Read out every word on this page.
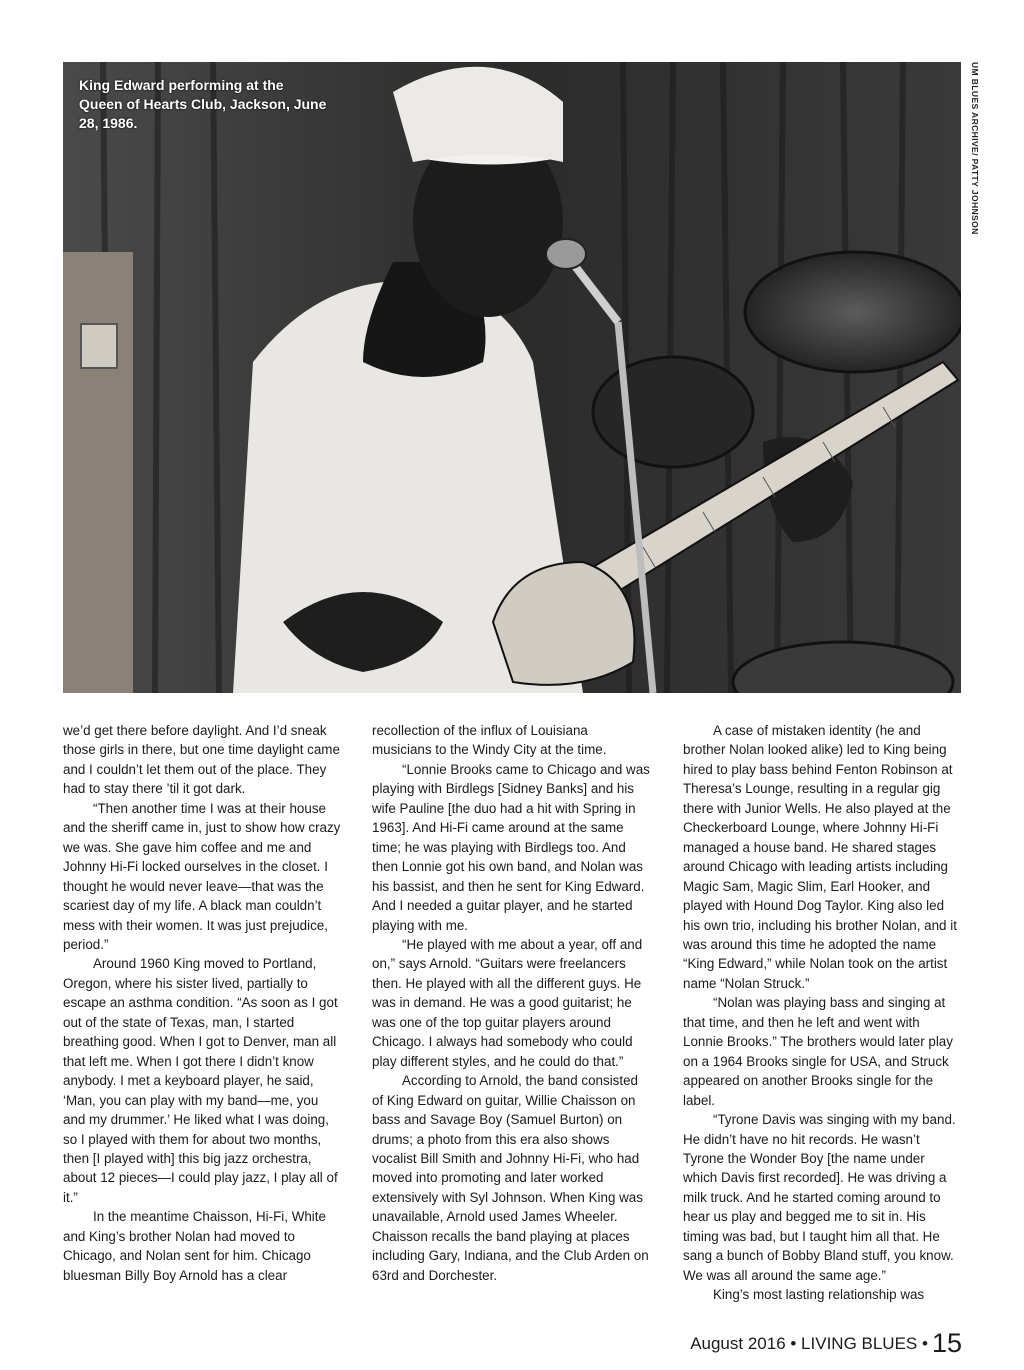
King Edward performing at the Queen of Hearts Club, Jackson, June 28, 1986.	UM BLUES ARCHIVE/ PATTY JOHNSON

we’d get there before daylight. And I’d sneak those girls in there, but one time daylight came and I couldn’t let them out of the place. They had to stay there ’til it got dark.

“Then another time I was at their house and the sheriff came in, just to show how crazy we was. She gave him coffee and me and Johnny Hi-Fi locked ourselves in the closet. I thought he would never leave—that was the scariest day of my life. A black man couldn’t mess with their women. It was just prejudice, period.”

Around 1960 King moved to Portland, Oregon, where his sister lived, partially to escape an asthma condition. “As soon as I got out of the state of Texas, man, I started breathing good. When I got to Denver, man all that left me. When I got there I didn’t know anybody. I met a keyboard player, he said, ‘Man, you can play with my band—me, you and my drummer.’ He liked what I was doing, so I played with them for about two months, then [I played with] this big jazz orchestra, about 12 pieces—I could play jazz, I play all of it.”

In the meantime Chaisson, Hi-Fi, White and King’s brother Nolan had moved to Chicago, and Nolan sent for him. Chicago bluesman Billy Boy Arnold has a clear

recollection of the influx of Louisiana musicians to the Windy City at the time.

“Lonnie Brooks came to Chicago and was playing with Birdlegs [Sidney Banks] and his wife Pauline [the duo had a hit with Spring in 1963]. And Hi-Fi came around at the same time; he was playing with Birdlegs too. And then Lonnie got his own band, and Nolan was his bassist, and then he sent for King Edward. And I needed a guitar player, and he started playing with me.

“He played with me about a year, off and on,” says Arnold. “Guitars were freelancers then. He played with all the different guys. He was in demand. He was a good guitarist; he was one of the top guitar players around Chicago. I always had somebody who could play different styles, and he could do that.”

According to Arnold, the band consisted of King Edward on guitar, Willie Chaisson on bass and Savage Boy (Samuel Burton) on drums; a photo from this era also shows vocalist Bill Smith and Johnny Hi-Fi, who had moved into promoting and later worked extensively with Syl Johnson. When King was unavailable, Arnold used James Wheeler. Chaisson recalls the band playing at places including Gary, Indiana, and the Club Arden on 63rd and Dorchester.

A case of mistaken identity (he and brother Nolan looked alike) led to King being hired to play bass behind Fenton Robinson at Theresa’s Lounge, resulting in a regular gig there with Junior Wells. He also played at the Checkerboard Lounge, where Johnny Hi-Fi managed a house band. He shared stages around Chicago with leading artists including Magic Sam, Magic Slim, Earl Hooker, and played with Hound Dog Taylor. King also led his own trio, including his brother Nolan, and it was around this time he adopted the name “King Edward,” while Nolan took on the artist name “Nolan Struck.”

“Nolan was playing bass and singing at that time, and then he left and went with Lonnie Brooks.” The brothers would later play on a 1964 Brooks single for USA, and Struck appeared on another Brooks single for the label.

“Tyrone Davis was singing with my band. He didn’t have no hit records. He wasn’t Tyrone the Wonder Boy [the name under which Davis first recorded]. He was driving a milk truck. And he started coming around to hear us play and begged me to sit in. His timing was bad, but I taught him all that. He sang a bunch of Bobby Bland stuff, you know. We was all around the same age.”

King’s most lasting relationship was

August 2016 • LIVING BLUES • 15
